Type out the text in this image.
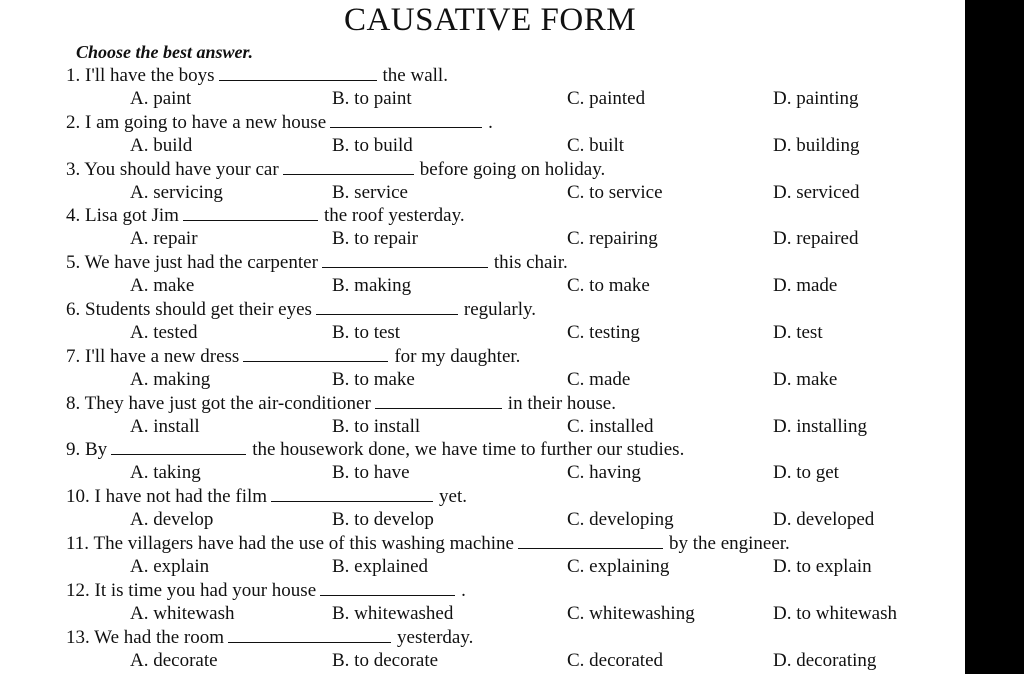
CAUSATIVE FORM
Choose the best answer.
1. I'll have the boys	the wall.
A. paint	B. to paint	C. painted	D. painting
2. I am going to have a new house	.
A. build	B. to build	C. built	D. building
3. You should have your car	before going on holiday.
A. servicing	B. service	C. to service	D. serviced
4. Lisa got Jim	the roof yesterday.
A. repair	B. to repair	C. repairing	D. repaired
5. We have just had the carpenter	this chair.
A. make	B. making	C. to make	D. made
6. Students should get their eyes	regularly.
A. tested	B. to test	C. testing	D. test
7. I'll have a new dress	for my daughter.
A. making	B. to make	C. made	D. make
8. They have just got the air-conditioner	in their house.
A. install	B. to install	C. installed	D. installing
9. By	the housework done, we have time to further our studies.
A. taking	B. to have	C. having	D. to get
10. I have not had the film	yet.
A. develop	B. to develop	C. developing	D. developed
11. The villagers have had the use of this washing machine	by the engineer.
A. explain	B. explained	C. explaining	D. to explain
12. It is time you had your house	.
A. whitewash	B. whitewashed	C. whitewashing	D. to whitewash
13. We had the room	yesterday.
A. decorate	B. to decorate	C. decorated	D. decorating
